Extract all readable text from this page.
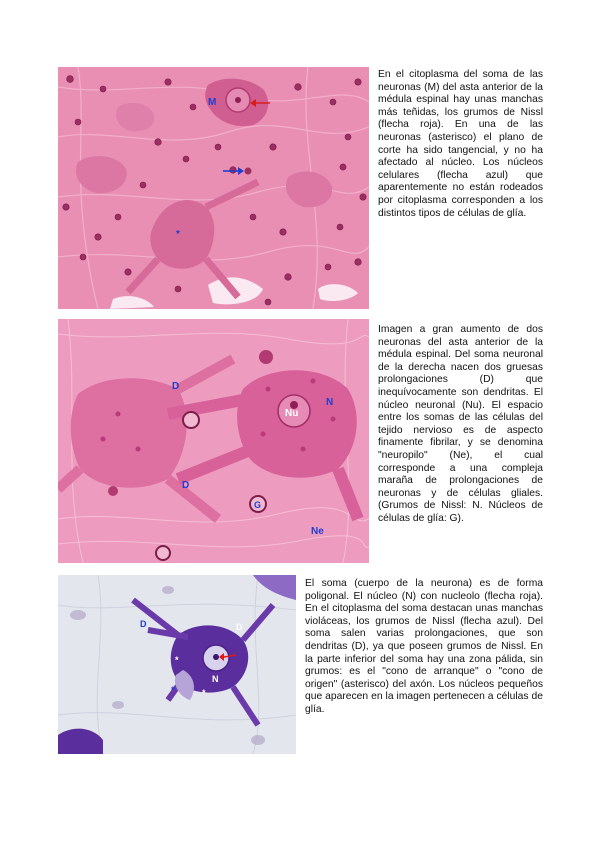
M
*

En el citoplasma del soma de las neuronas (M) del asta anterior de la médula espinal hay unas manchas más teñidas, los grumos de Nissl (flecha roja). En una de las neuronas (asterisco) el plano de corte ha sido tangencial, y no ha afectado al núcleo. Los núcleos celulares (flecha azul) que aparentemente no están rodeados por citoplasma corresponden a los distintos tipos de células de glía.

D
D
Nu
N
G
Ne

Imagen a gran aumento de dos neuronas del asta anterior de la médula espinal. Del soma neuronal de la derecha nacen dos gruesas prolongaciones (D) que inequívocamente son dendritas. El núcleo neuronal (Nu). El espacio entre los somas de las células del tejido nervioso es de aspecto finamente fibrilar, y se denomina "neuropilo" (Ne), el cual corresponde a una compleja maraña de prolongaciones de neuronas y de células gliales. (Grumos de Nissl: N. Núcleos de células de glía: G).

D	D
N
*
*
*

El soma (cuerpo de la neurona) es de forma poligonal. El núcleo (N) con nucleolo (flecha roja). En el citoplasma del soma destacan unas manchas violáceas, los grumos de Nissl (flecha azul). Del soma salen varias prolongaciones, que son dendritas (D), ya que poseen grumos de Nissl. En la parte inferior del soma hay una zona pálida, sin grumos: es el "cono de arranque" o "cono de origen" (asterisco) del axón. Los núcleos pequeños que aparecen en la imagen pertenecen a células de glía.
